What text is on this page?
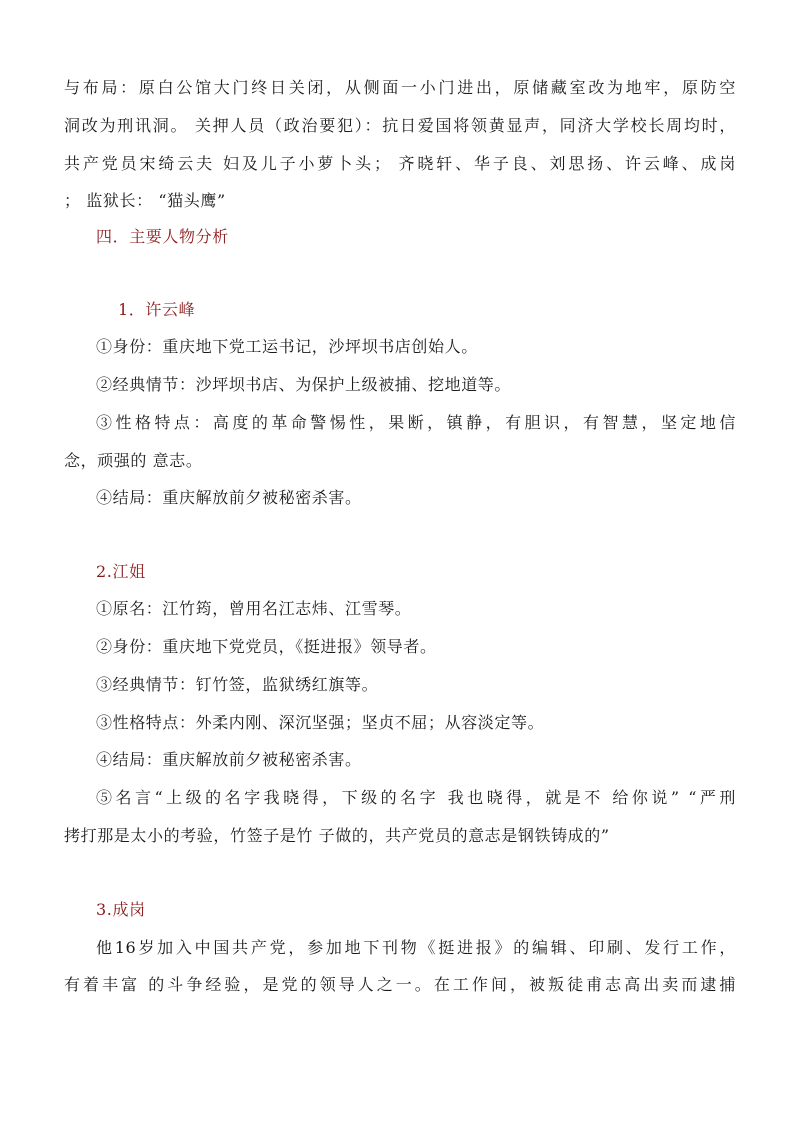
与布局：原白公馆大门终日关闭，从侧面一小门进出，原储藏室改为地牢，原防空
洞改为刑讯洞。 关押人员（政治要犯）：抗日爱国将领黄显声，同济大学校长周均时，
共产党员宋绮云夫 妇及儿子小萝卜头； 齐晓轩、华子良、刘思扬、许云峰、成岗
； 监狱长： “猫头鹰”
四．主要人物分析
1．许云峰
①身份：重庆地下党工运书记，沙坪坝书店创始人。
②经典情节：沙坪坝书店、为保护上级被捕、挖地道等。
③性格特点：高度的革命警惕性，果断，镇静，有胆识，有智慧，坚定地信
念，顽强的 意志。
④结局：重庆解放前夕被秘密杀害。
2.江姐
①原名：江竹筠，曾用名江志炜、江雪琴。
②身份：重庆地下党党员，《挺进报》领导者。
③经典情节：钉竹签，监狱绣红旗等。
③性格特点：外柔内刚、深沉坚强；坚贞不屈；从容淡定等。
④结局：重庆解放前夕被秘密杀害。
⑤名言“上级的名字我晓得，下级的名字 我也晓得，就是不 给你说” “严刑
拷打那是太小的考验，竹签子是竹 子做的，共产党员的意志是钢铁铸成的”
3.成岗
他16岁加入中国共产党，参加地下刊物《挺进报》的编辑、印刷、发行工作，
有着丰富 的斗争经验，是党的领导人之一。在工作间，被叛徒甫志高出卖而逮捕
